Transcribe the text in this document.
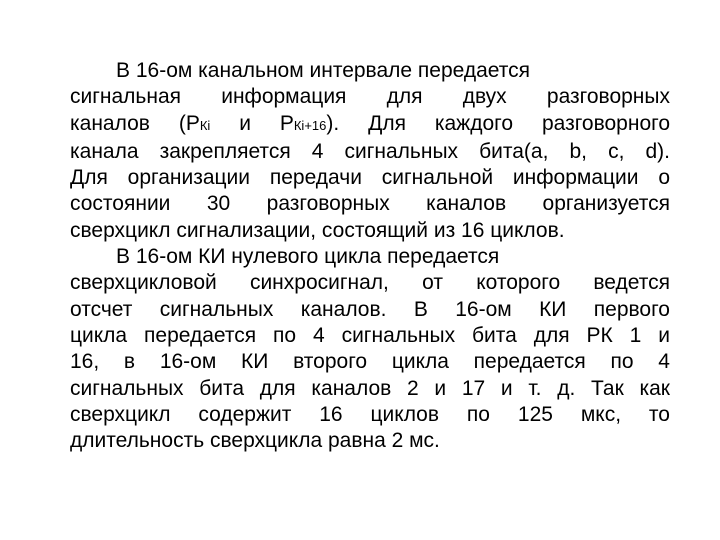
В 16-ом канальном интервале передается
сигнальная информация для двух разговорных
каналов (РКi и РКi+16). Для каждого разговорного
канала закрепляется 4 сигнальных бита(a, b, c, d).
Для организации передачи сигнальной информации о
состоянии 30 разговорных каналов организуется
сверхцикл сигнализации, состоящий из 16 циклов.

В 16-ом КИ нулевого цикла передается
сверхцикловой синхросигнал, от которого ведется
отсчет сигнальных каналов. В 16-ом КИ первого
цикла передается по 4 сигнальных бита для РК 1 и
16, в 16-ом КИ второго цикла передается по 4
сигнальных бита для каналов 2 и 17 и т. д. Так как
сверхцикл содержит 16 циклов по 125 мкс, то
длительность сверхцикла равна 2 мс.
